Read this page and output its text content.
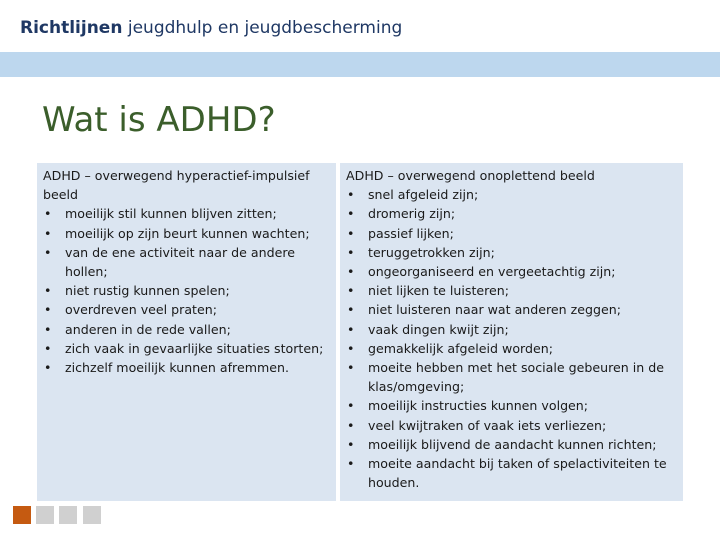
Richtlijnen jeugdhulp en jeugdbescherming
Wat is ADHD?
ADHD – overwegend hyperactief-impulsief beeld
• moeilijk stil kunnen blijven zitten;
• moeilijk op zijn beurt kunnen wachten;
• van de ene activiteit naar de andere hollen;
• niet rustig kunnen spelen;
• overdreven veel praten;
• anderen in de rede vallen;
• zich vaak in gevaarlijke situaties storten;
• zichzelf moeilijk kunnen afremmen.
ADHD – overwegend onoplettend beeld
• snel afgeleid zijn;
• dromerig zijn;
• passief lijken;
• teruggetrokken zijn;
• ongeorganiseerd en vergeetachtig zijn;
• niet lijken te luisteren;
• niet luisteren naar wat anderen zeggen;
• vaak dingen kwijt zijn;
• gemakkelijk afgeleid worden;
• moeite hebben met het sociale gebeuren in de klas/omgeving;
• moeilijk instructies kunnen volgen;
• veel kwijtraken of vaak iets verliezen;
• moeilijk blijvend de aandacht kunnen richten;
• moeite aandacht bij taken of spelactiviteiten te houden.
